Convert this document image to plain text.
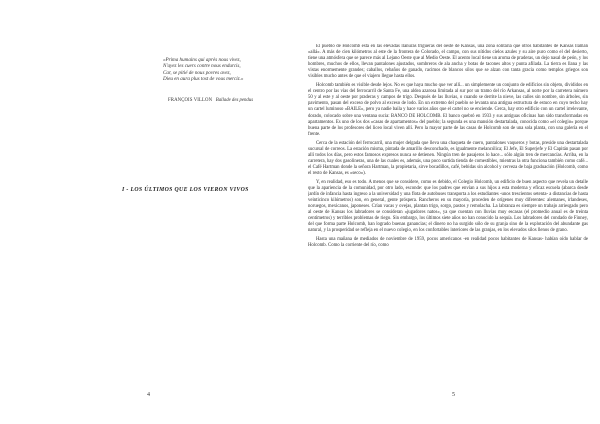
«Prima humains qui après nous vivez,
N'ayez les cuers contre nous endurcis,
Car, se pitié de nous povres avez,
Dieu en aura plus tost de vous merciz.»
FRANÇOIS VILLON Ballade des pendus
I - LOS ÚLTIMOS QUE LOS VIERON VIVOS
4

El pueblo de Holcomb está en las elevadas llanuras trigueras del oeste de Kansas, una zona solitaria que otros habitantes de Kansas llaman «allá». A más de cien kilómetros al este de la frontera de Colorado, el campo, con sus nítidos cielos azules y su aire puro como el del desierto, tiene una atmósfera que se parece más al Lejano Oeste que al Medio Oeste. El acento local tiene un aroma de praderas, un dejo nasal de peón, y los hombres, muchos de ellos, llevan pantalones ajustados, sombreros de ala ancha y botas de tacones altos y punta afilada. La tierra es llana y las vistas enormemente grandes; caballos, rebaños de ganado, racimos de blancos silos que se alzan con tanta gracia como templos griegos son visibles mucho antes de que el viajero llegue hasta ellos.

Holcomb también es visible desde lejos. No es que haya mucho que ver allí... un simplemente un conjunto de edificios sin objeto, divididos en el centro por las vías del ferrocarril de Santa Fe, una aldea azarosa limitada al sur por un tramo del río Arkansas, al norte por la carretera número 50 y al este y al oeste por praderas y campos de trigo. Después de las lluvias, o cuando se derrite la nieve, las calles sin nombre, sin árboles, sin pavimento, pasan del exceso de polvo al exceso de lodo. En un extremo del pueblo se levanta una antigua estructura de estuco en cuyo techo hay un cartel luminoso «BAILE», pero ya nadie baila y hace varios años que el cartel no se enciende. Cerca, hay otro edificio con un cartel irrelevante, dorado, colocado sobre una ventana sucia: BANCO DE HOLCOMB. El banco quebró en 1933 y sus antiguas oficinas han sido transformadas en apartamentos. Es uno de los dos «casas de apartamentos» del pueblo; la segunda es una mansión destartalada, conocida como «el colegio» porque buena parte de los profesores del liceo local viven allí. Pero la mayor parte de las casas de Holcomb son de una sola planta, con una galería en el frente.

Cerca de la estación del ferrocarril, una mujer delgada que lleva una chaqueta de cuero, pantalones vaqueros y botas, preside una destartalada sucursal de correos. La estación misma, pintada de amarillo desconchado, es igualmente melancólica; El Jefe, El Superjefe y El Capitán pasan por allí todos los días, pero estos famosos expresos nunca se detienen. Ningún tren de pasajeros lo hace... sólo algún tren de mercancías. Arriba, en la carretera, hay dos gasolineras, una de las cuales es, además, una poco surtida tienda de comestibles, mientras la otra funciona también como café... el Café Hartman donde la señora Hartman, la propietaria, sirve bocadillos, café, bebidas sin alcohol y cerveza de baja graduación (Holcomb, como el resto de Kansas, es «seco»).

Y, en realidad, eso es todo. A menos que se considere, como es debido, el Colegio Holcomb, un edificio de buen aspecto que revela un detalle que la apariencia de la comunidad, por otro lado, esconde: que los padres que envían a sus hijos a esta moderna y eficaz escuela (abarca desde jardín de infancia hasta ingreso a la universidad y una flota de autobuses transporta a los estudiantes -unos trescientos setenta- a distancias de hasta veinticinco kilómetros) son, en general, gente próspera. Rancheros en su mayoría, proceden de orígenes muy diferentes: alemanes, irlandeses, noruegos, mexicanos, japoneses. Crían vacas y ovejas, plantan trigo, sorgo, pastos y remolacha. La labranza es siempre un trabajo arriesgado pero al oeste de Kansas los labradores se consideran «jugadores natos», ya que cuentan con lluvias muy escasas (el promedio anual es de treinta centímetros) y terribles problemas de riego. Sin embargo, los últimos siete años no han conocido la sequía. Los labradores del condado de Finney, del que forma parte Holcomb, han logrado buenas ganancias; el dinero no ha surgido sólo de su granja sino de la explotación del abundante gas natural, y la prosperidad se refleja en el nuevo colegio, en los confortables interiores de las granjas, en los elevados silos llenos de grano.

Hasta una mañana de mediados de noviembre de 1959, pocos americanos -en realidad pocos habitantes de Kansas- habían oído hablar de Holcomb. Como la corriente del río, como

5
